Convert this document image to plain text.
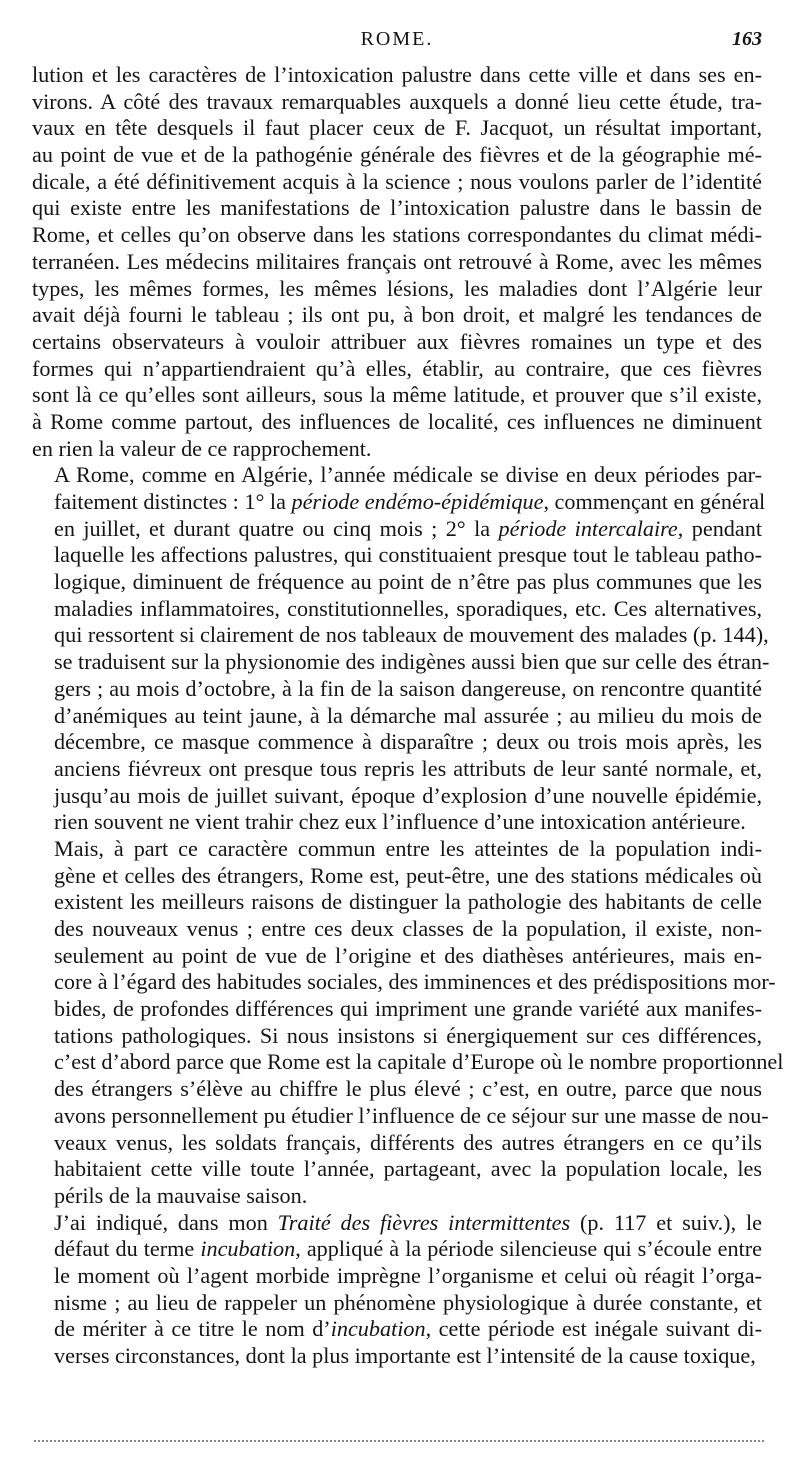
ROME.	163

lution et les caractères de l’intoxication palustre dans cette ville et dans ses en-
virons. A côté des travaux remarquables auxquels a donné lieu cette étude, tra-
vaux en tête desquels il faut placer ceux de F. Jacquot, un résultat important,
au point de vue et de la pathogénie générale des fièvres et de la géographie mé-
dicale, a été définitivement acquis à la science ; nous voulons parler de l’identité
qui existe entre les manifestations de l’intoxication palustre dans le bassin de
Rome, et celles qu’on observe dans les stations correspondantes du climat médi-
terranéen. Les médecins militaires français ont retrouvé à Rome, avec les mêmes
types, les mêmes formes, les mêmes lésions, les maladies dont l’Algérie leur
avait déjà fourni le tableau ; ils ont pu, à bon droit, et malgré les tendances de
certains observateurs à vouloir attribuer aux fièvres romaines un type et des
formes qui n’appartiendraient qu’à elles, établir, au contraire, que ces fièvres
sont là ce qu’elles sont ailleurs, sous la même latitude, et prouver que s’il existe,
à Rome comme partout, des influences de localité, ces influences ne diminuent
en rien la valeur de ce rapprochement.

A Rome, comme en Algérie, l’année médicale se divise en deux périodes par-
faitement distinctes : 1° la période endémo-épidémique, commençant en général
en juillet, et durant quatre ou cinq mois ; 2° la période intercalaire, pendant
laquelle les affections palustres, qui constituaient presque tout le tableau patho-
logique, diminuent de fréquence au point de n’être pas plus communes que les
maladies inflammatoires, constitutionnelles, sporadiques, etc. Ces alternatives,
qui ressortent si clairement de nos tableaux de mouvement des malades (p. 144),
se traduisent sur la physionomie des indigènes aussi bien que sur celle des étran-
gers ; au mois d’octobre, à la fin de la saison dangereuse, on rencontre quantité
d’anémiques au teint jaune, à la démarche mal assurée ; au milieu du mois de
décembre, ce masque commence à disparaître ; deux ou trois mois après, les
anciens fiévreux ont presque tous repris les attributs de leur santé normale, et,
jusqu’au mois de juillet suivant, époque d’explosion d’une nouvelle épidémie,
rien souvent ne vient trahir chez eux l’influence d’une intoxication antérieure.

Mais, à part ce caractère commun entre les atteintes de la population indi-
gène et celles des étrangers, Rome est, peut-être, une des stations médicales où
existent les meilleurs raisons de distinguer la pathologie des habitants de celle
des nouveaux venus ; entre ces deux classes de la population, il existe, non-
seulement au point de vue de l’origine et des diathèses antérieures, mais en-
core à l’égard des habitudes sociales, des imminences et des prédispositions mor-
bides, de profondes différences qui impriment une grande variété aux manifes-
tations pathologiques. Si nous insistons si énergiquement sur ces différences,
c’est d’abord parce que Rome est la capitale d’Europe où le nombre proportionnel
des étrangers s’élève au chiffre le plus élevé ; c’est, en outre, parce que nous
avons personnellement pu étudier l’influence de ce séjour sur une masse de nou-
veaux venus, les soldats français, différents des autres étrangers en ce qu’ils
habitaient cette ville toute l’année, partageant, avec la population locale, les
périls de la mauvaise saison.

J’ai indiqué, dans mon Traité des fièvres intermittentes (p. 117 et suiv.), le
défaut du terme incubation, appliqué à la période silencieuse qui s’écoule entre
le moment où l’agent morbide imprègne l’organisme et celui où réagit l’orga-
nisme ; au lieu de rappeler un phénomène physiologique à durée constante, et
de mériter à ce titre le nom d’incubation, cette période est inégale suivant di-
verses circonstances, dont la plus importante est l’intensité de la cause toxique,
